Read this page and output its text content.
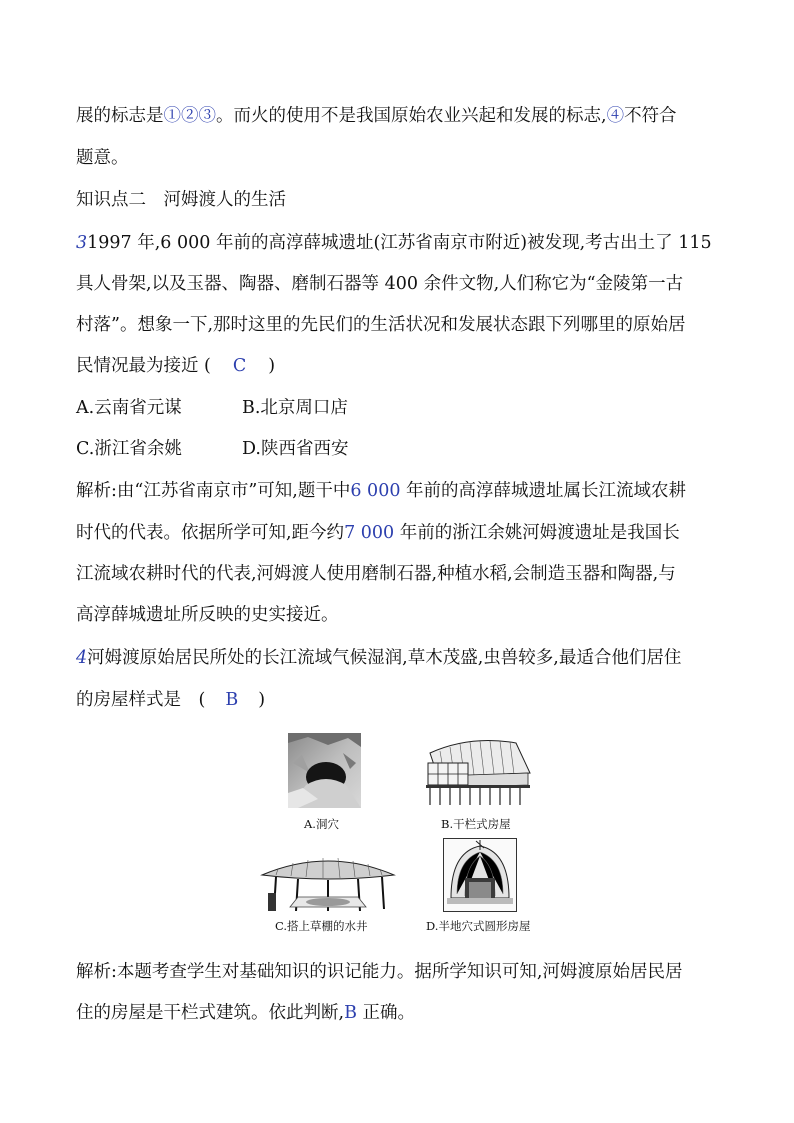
展的标志是①②③。而火的使用不是我国原始农业兴起和发展的标志,④不符合
题意。
知识点二　河姆渡人的生活
31997 年,6 000 年前的高淳薛城遗址(江苏省南京市附近)被发现,考古出土了 115
具人骨架,以及玉器、陶器、磨制石器等 400 余件文物,人们称它为“金陵第一古
村落”。想象一下,那时这里的先民们的生活状况和发展状态跟下列哪里的原始居
民情况最为接近 ( C )
A.云南省元谋	B.北京周口店
C.浙江省余姚	D.陕西省西安
解析:由“江苏省南京市”可知,题干中6 000 年前的高淳薛城遗址属长江流域农耕
时代的代表。依据所学可知,距今约7 000 年前的浙江余姚河姆渡遗址是我国长
江流域农耕时代的代表,河姆渡人使用磨制石器,种植水稻,会制造玉器和陶器,与
高淳薛城遗址所反映的史实接近。
4河姆渡原始居民所处的长江流域气候湿润,草木茂盛,虫兽较多,最适合他们居住
的房屋样式是　( B )
A.洞穴	B.干栏式房屋
C.搭上草棚的水井	D.半地穴式圆形房屋
解析:本题考查学生对基础知识的识记能力。据所学知识可知,河姆渡原始居民居
住的房屋是干栏式建筑。依此判断,B 正确。
